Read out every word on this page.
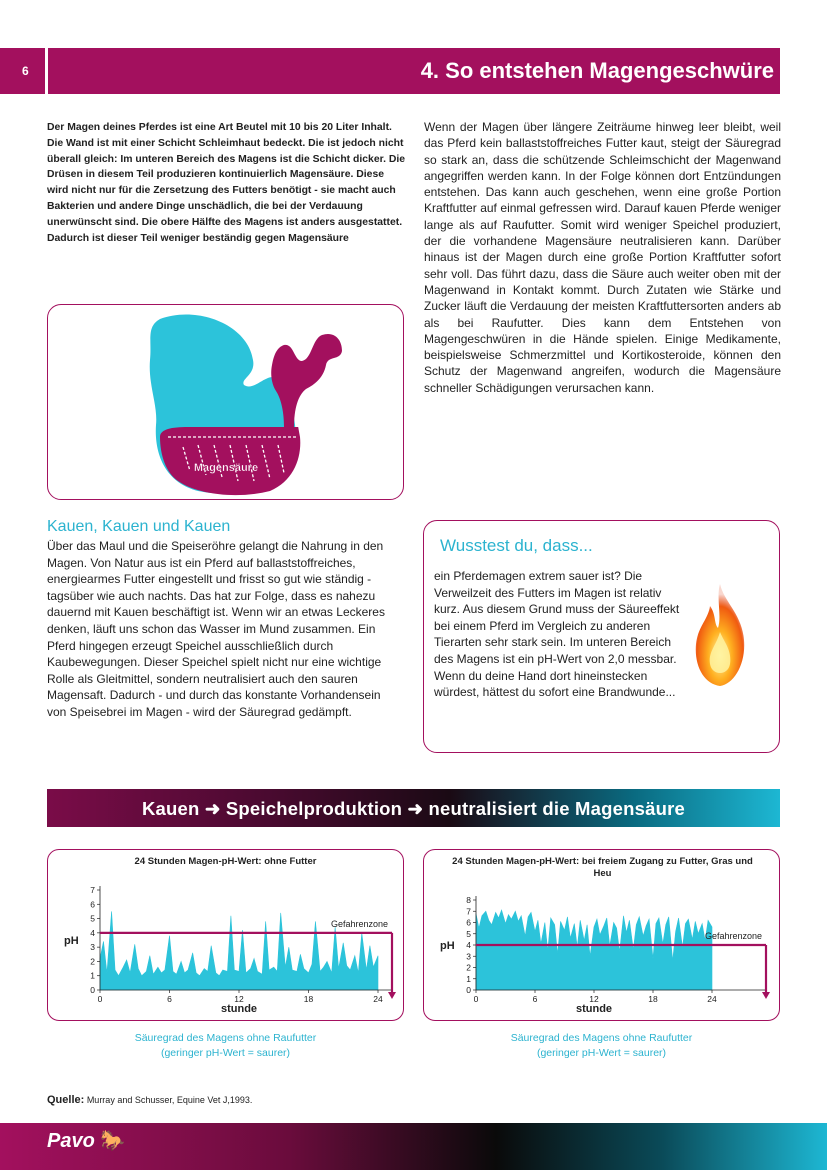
6	4. So entstehen Magengeschwüre
Der Magen deines Pferdes ist eine Art Beutel mit 10 bis 20 Liter Inhalt. Die Wand ist mit einer Schicht Schleimhaut bedeckt. Die ist jedoch nicht überall gleich: Im unteren Bereich des Magens ist die Schicht dicker. Die Drüsen in diesem Teil produzieren kontinuierlich Magensäure. Diese wird nicht nur für die Zersetzung des Futters benötigt - sie macht auch Bakterien und andere Dinge unschädlich, die bei der Verdauung unerwünscht sind. Die obere Hälfte des Magens ist anders ausgestattet. Dadurch ist dieser Teil weniger beständig gegen Magensäure
Wenn der Magen über längere Zeiträume hinweg leer bleibt, weil das Pferd kein ballaststoffreiches Futter kaut, steigt der Säuregrad so stark an, dass die schützende Schleimschicht der Magenwand angegriffen werden kann. In der Folge können dort Entzündungen entstehen. Das kann auch geschehen, wenn eine große Portion Kraftfutter auf einmal gefressen wird. Darauf kauen Pferde weniger lange als auf Raufutter. Somit wird weniger Speichel produziert, der die vorhandene Magensäure neutralisieren kann. Darüber hinaus ist der Magen durch eine große Portion Kraftfutter sofort sehr voll. Das führt dazu, dass die Säure auch weiter oben mit der Magenwand in Kontakt kommt. Durch Zutaten wie Stärke und Zucker läuft die Verdauung der meisten Kraftfuttersorten anders ab als bei Raufutter. Dies kann dem Entstehen von Magengeschwüren in die Hände spielen. Einige Medikamente, beispielsweise Schmerzmittel und Kortikosteroide, können den Schutz der Magenwand angreifen, wodurch die Magensäure schneller Schädigungen verursachen kann.
Magensäure
Kauen, Kauen und Kauen
Über das Maul und die Speiseröhre gelangt die Nahrung in den Magen. Von Natur aus ist ein Pferd auf ballaststoffreiches, energiearmes Futter eingestellt und frisst so gut wie ständig - tagsüber wie auch nachts. Das hat zur Folge, dass es nahezu dauernd mit Kauen beschäftigt ist. Wenn wir an etwas Leckeres denken, läuft uns schon das Wasser im Mund zusammen. Ein Pferd hingegen erzeugt Speichel ausschließlich durch Kaubewegungen. Dieser Speichel spielt nicht nur eine wichtige Rolle als Gleitmittel, sondern neutralisiert auch den sauren Magensaft. Dadurch - und durch das konstante Vorhandensein von Speisebrei im Magen - wird der Säuregrad gedämpft.
Wusstest du, dass...
ein Pferdemagen extrem sauer ist? Die Verweilzeit des Futters im Magen ist relativ kurz. Aus diesem Grund muss der Säureeffekt bei einem Pferd im Vergleich zu anderen Tierarten sehr stark sein. Im unteren Bereich des Magens ist ein pH-Wert von 2,0 messbar. Wenn du deine Hand dort hineinstecken würdest, hättest du sofort eine Brandwunde...
Kauen ➜ Speichelproduktion ➜ neutralisiert die Magensäure
24 Stunden Magen-pH-Wert: ohne Futter
0
1
2
3
4
5
6
7
0	6	12	18	24
stunde
pH
Gefahrenzone
24 Stunden Magen-pH-Wert: bei freiem Zugang zu Futter, Gras und Heu
0
1
2
3
4
5
6
7
8
0	6	12	18	24
stunde
pH
Gefahrenzone
Säuregrad des Magens ohne Raufutter
(geringer pH-Wert = saurer)
Säuregrad des Magens ohne Raufutter
(geringer pH-Wert = saurer)
Quelle: Murray and Schusser, Equine Vet J,1993.
Pavo 🐎
